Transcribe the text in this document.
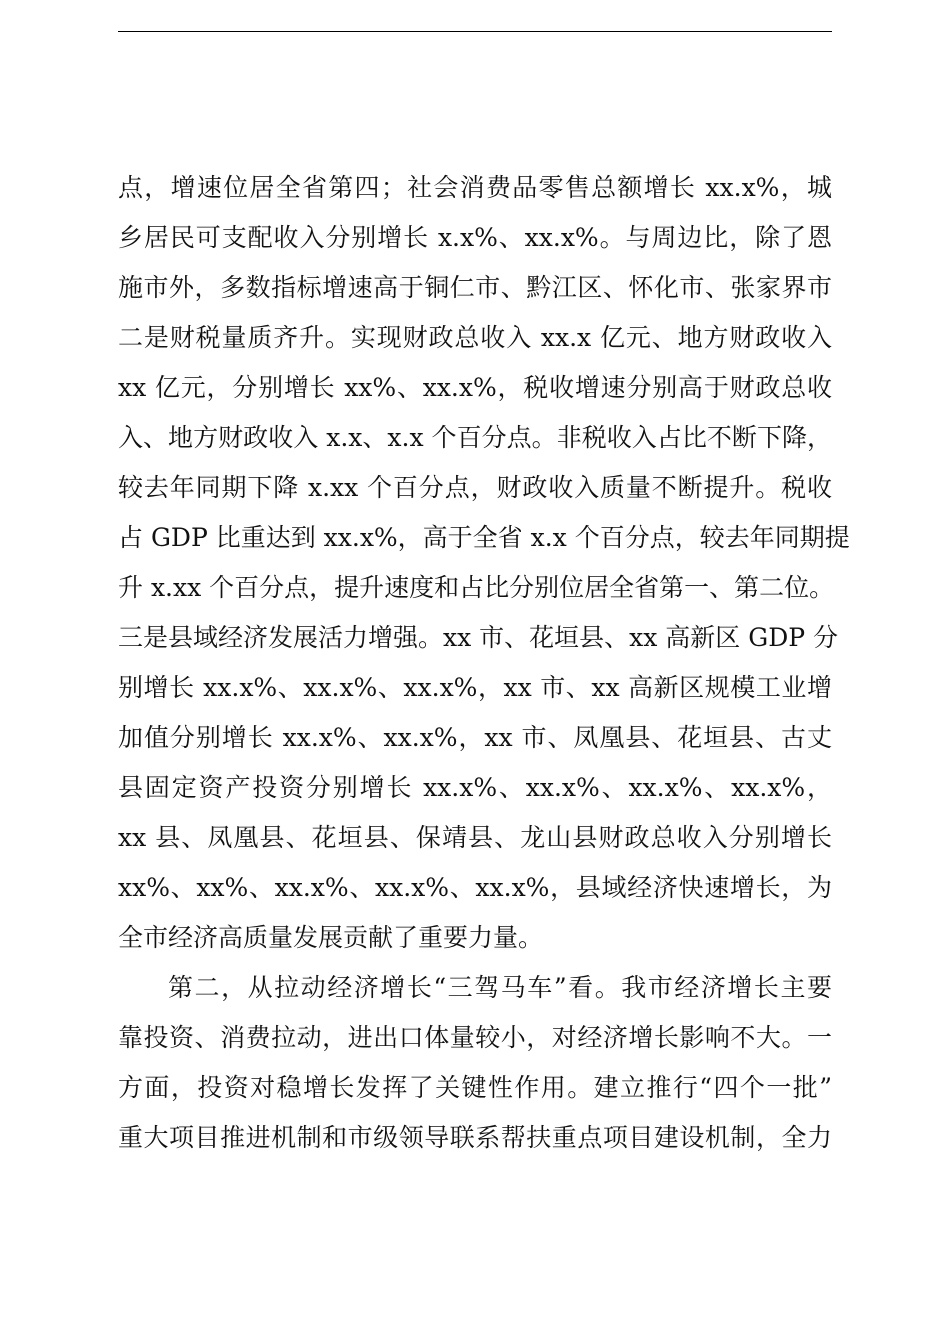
点，增速位居全省第四；社会消费品零售总额增长 xx.x%，城
乡居民可支配收入分别增长 x.x%、xx.x%。与周边比，除了恩
施市外，多数指标增速高于铜仁市、黔江区、怀化市、张家界市
二是财税量质齐升。实现财政总收入 xx.x 亿元、地方财政收入
xx 亿元，分别增长 xx%、xx.x%，税收增速分别高于财政总收
入、地方财政收入 x.x、x.x 个百分点。非税收入占比不断下降，
较去年同期下降 x.xx 个百分点，财政收入质量不断提升。税收
占 GDP 比重达到 xx.x%，高于全省 x.x 个百分点，较去年同期提
升 x.xx 个百分点，提升速度和占比分别位居全省第一、第二位。
三是县域经济发展活力增强。xx 市、花垣县、xx 高新区 GDP 分
别增长 xx.x%、xx.x%、xx.x%，xx 市、xx 高新区规模工业增
加值分别增长 xx.x%、xx.x%，xx 市、凤凰县、花垣县、古丈
县固定资产投资分别增长 xx.x%、xx.x%、xx.x%、xx.x%，
xx 县、凤凰县、花垣县、保靖县、龙山县财政总收入分别增长
xx%、xx%、xx.x%、xx.x%、xx.x%，县域经济快速增长，为
全市经济高质量发展贡献了重要力量。
第二，从拉动经济增长“三驾马车”看。我市经济增长主要
靠投资、消费拉动，进出口体量较小，对经济增长影响不大。一
方面，投资对稳增长发挥了关键性作用。建立推行“四个一批”
重大项目推进机制和市级领导联系帮扶重点项目建设机制，全力
